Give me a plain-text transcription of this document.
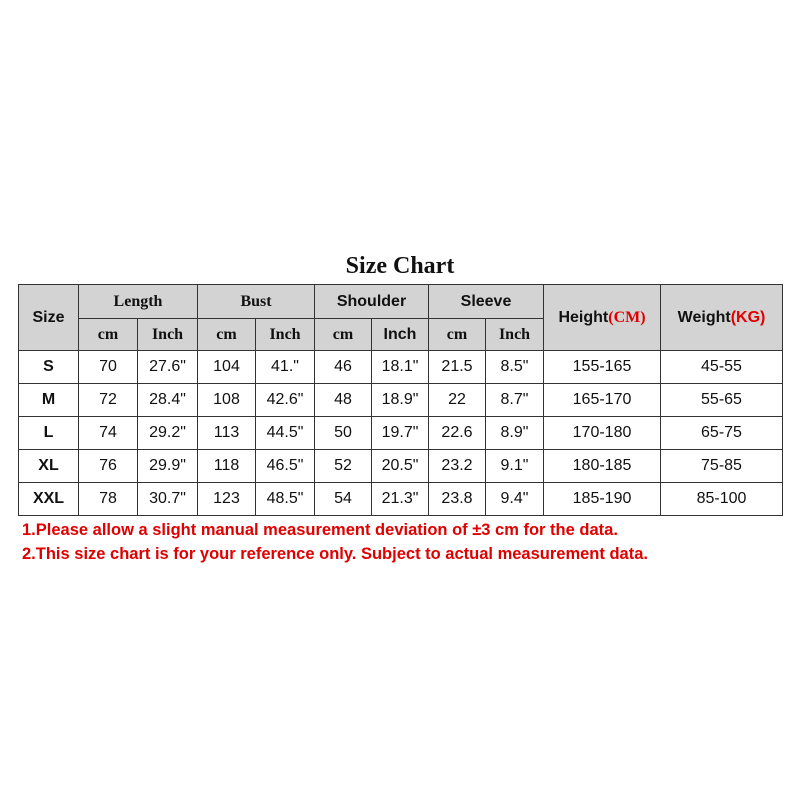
Size Chart
Size	Length		Bust		Shoulder		Sleeve		Height(CM)	Weight(KG)
	cm	Inch	cm	Inch	cm	Inch	cm	Inch		
S	70	27.6"	104	41."	46	18.1"	21.5	8.5"	155-165	45-55
M	72	28.4"	108	42.6"	48	18.9"	22	8.7"	165-170	55-65
L	74	29.2"	113	44.5"	50	19.7"	22.6	8.9"	170-180	65-75
XL	76	29.9"	118	46.5"	52	20.5"	23.2	9.1"	180-185	75-85
XXL	78	30.7"	123	48.5"	54	21.3"	23.8	9.4"	185-190	85-100
1.Please allow a slight manual measurement deviation of ±3 cm for the data.
2.This size chart is for your reference only. Subject to actual measurement data.
